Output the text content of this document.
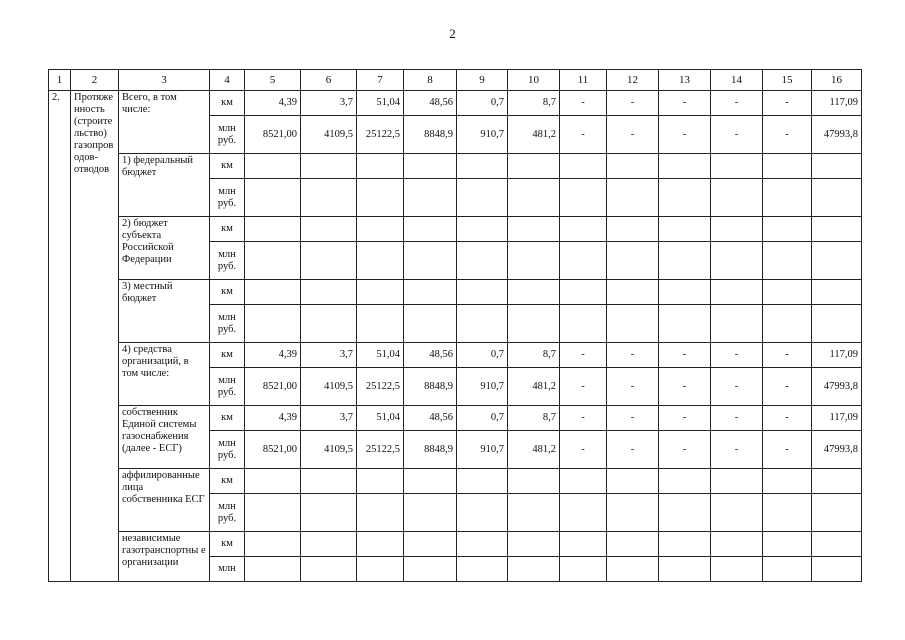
2
1	2	3	4	5	6	7	8	9	10	11	12	13	14	15	16
2.	Протяже нность (строите льство) газопров одов-отводов	Всего, в том числе:	км	4,39	3,7	51,04	48,56	0,7	8,7	-	-	-	-	-	117,09
			млн руб.	8521,00	4109,5	25122,5	8848,9	910,7	481,2	-	-	-	-	-	47993,8
		1) федеральный бюджет	км												
			млн руб.												
		2) бюджет субъекта Российской Федерации	км												
			млн руб.												
		3) местный бюджет	км												
			млн руб.												
		4) средства организаций, в том числе:	км	4,39	3,7	51,04	48,56	0,7	8,7	-	-	-	-	-	117,09
			млн руб.	8521,00	4109,5	25122,5	8848,9	910,7	481,2	-	-	-	-	-	47993,8
		собственник Единой системы газоснабжения (далее - ЕСГ)	км	4,39	3,7	51,04	48,56	0,7	8,7	-	-	-	-	-	117,09
			млн руб.	8521,00	4109,5	25122,5	8848,9	910,7	481,2	-	-	-	-	-	47993,8
		аффилированные лица собственника ЕСГ	км												
			млн руб.												
		независимые газотранспортны е организации	км												
			млн												
